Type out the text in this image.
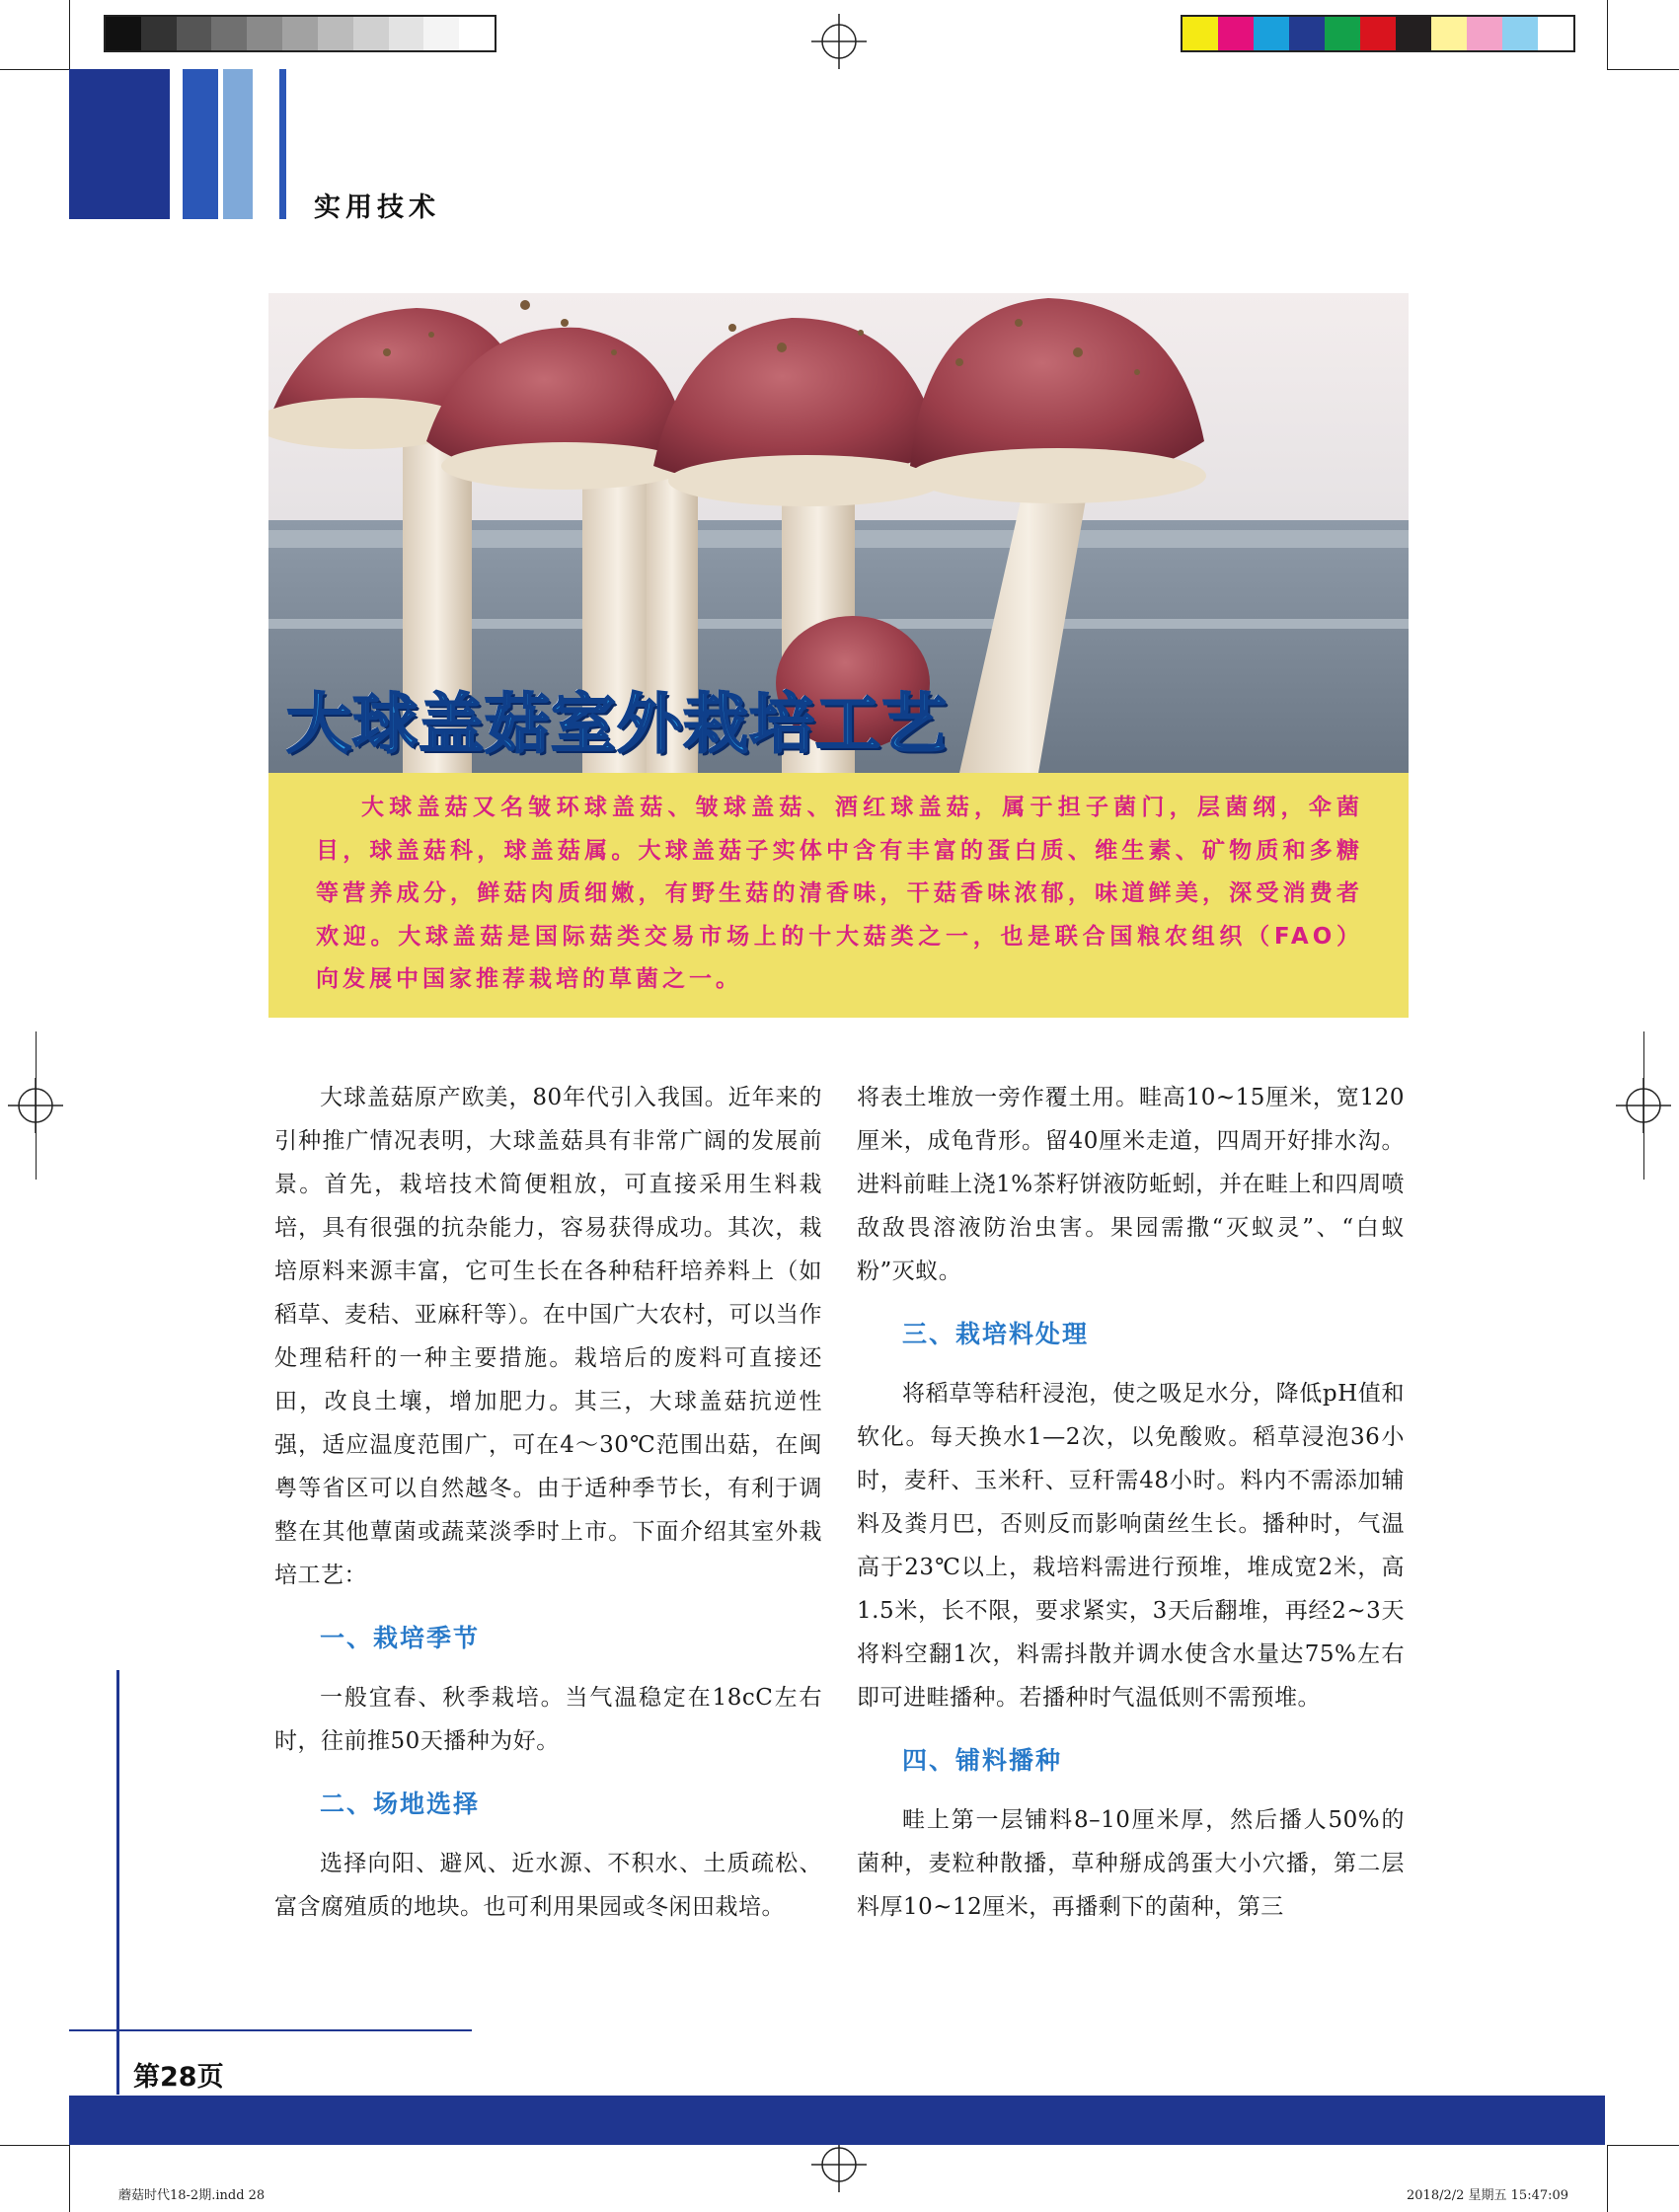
实用技术
大球盖菇室外栽培工艺

大球盖菇又名皱环球盖菇、皱球盖菇、酒红球盖菇，属于担子菌门，层菌纲，伞菌目，球盖菇科，球盖菇属。大球盖菇子实体中含有丰富的蛋白质、维生素、矿物质和多糖等营养成分，鲜菇肉质细嫩，有野生菇的清香味，干菇香味浓郁，味道鲜美，深受消费者欢迎。大球盖菇是国际菇类交易市场上的十大菇类之一，也是联合国粮农组织（FAO）向发展中国家推荐栽培的草菌之一。

大球盖菇原产欧美，80年代引入我国。近年来的引种推广情况表明，大球盖菇具有非常广阔的发展前景。首先，栽培技术简便粗放，可直接采用生料栽培，具有很强的抗杂能力，容易获得成功。其次，栽培原料来源丰富，它可生长在各种秸秆培养料上（如稻草、麦秸、亚麻秆等）。在中国广大农村，可以当作处理秸秆的一种主要措施。栽培后的废料可直接还田，改良土壤，增加肥力。其三，大球盖菇抗逆性强，适应温度范围广，可在4～30℃范围出菇，在闽粤等省区可以自然越冬。由于适种季节长，有利于调整在其他蕈菌或蔬菜淡季时上市。下面介绍其室外栽培工艺：

一、栽培季节

一般宜春、秋季栽培。当气温稳定在18cC左右时，往前推50天播种为好。

二、场地选择

选择向阳、避风、近水源、不积水、土质疏松、富含腐殖质的地块。也可利用果园或冬闲田栽培。

将表土堆放一旁作覆土用。畦高10~15厘米，宽120厘米，成龟背形。留40厘米走道，四周开好排水沟。进料前畦上浇1%茶籽饼液防蚯蚓，并在畦上和四周喷敌敌畏溶液防治虫害。果园需撒“灭蚁灵”、“白蚁粉”灭蚁。

三、栽培料处理

将稻草等秸秆浸泡，使之吸足水分，降低pH值和软化。每天换水1—2次，以免酸败。稻草浸泡36小时，麦秆、玉米秆、豆秆需48小时。料内不需添加辅料及粪月巴，否则反而影响菌丝生长。播种时，气温高于23℃以上，栽培料需进行预堆，堆成宽2米，高1.5米，长不限，要求紧实，3天后翻堆，再经2~3天将料空翻1次，料需抖散并调水使含水量达75%左右即可进畦播种。若播种时气温低则不需预堆。

四、铺料播种

畦上第一层铺料8–10厘米厚，然后播人50%的菌种，麦粒种散播，草种掰成鸽蛋大小穴播，第二层料厚10~12厘米，再播剩下的菌种，第三

第28页
蘑菇时代18-2期.indd 28	2018/2/2 星期五 15:47:09
